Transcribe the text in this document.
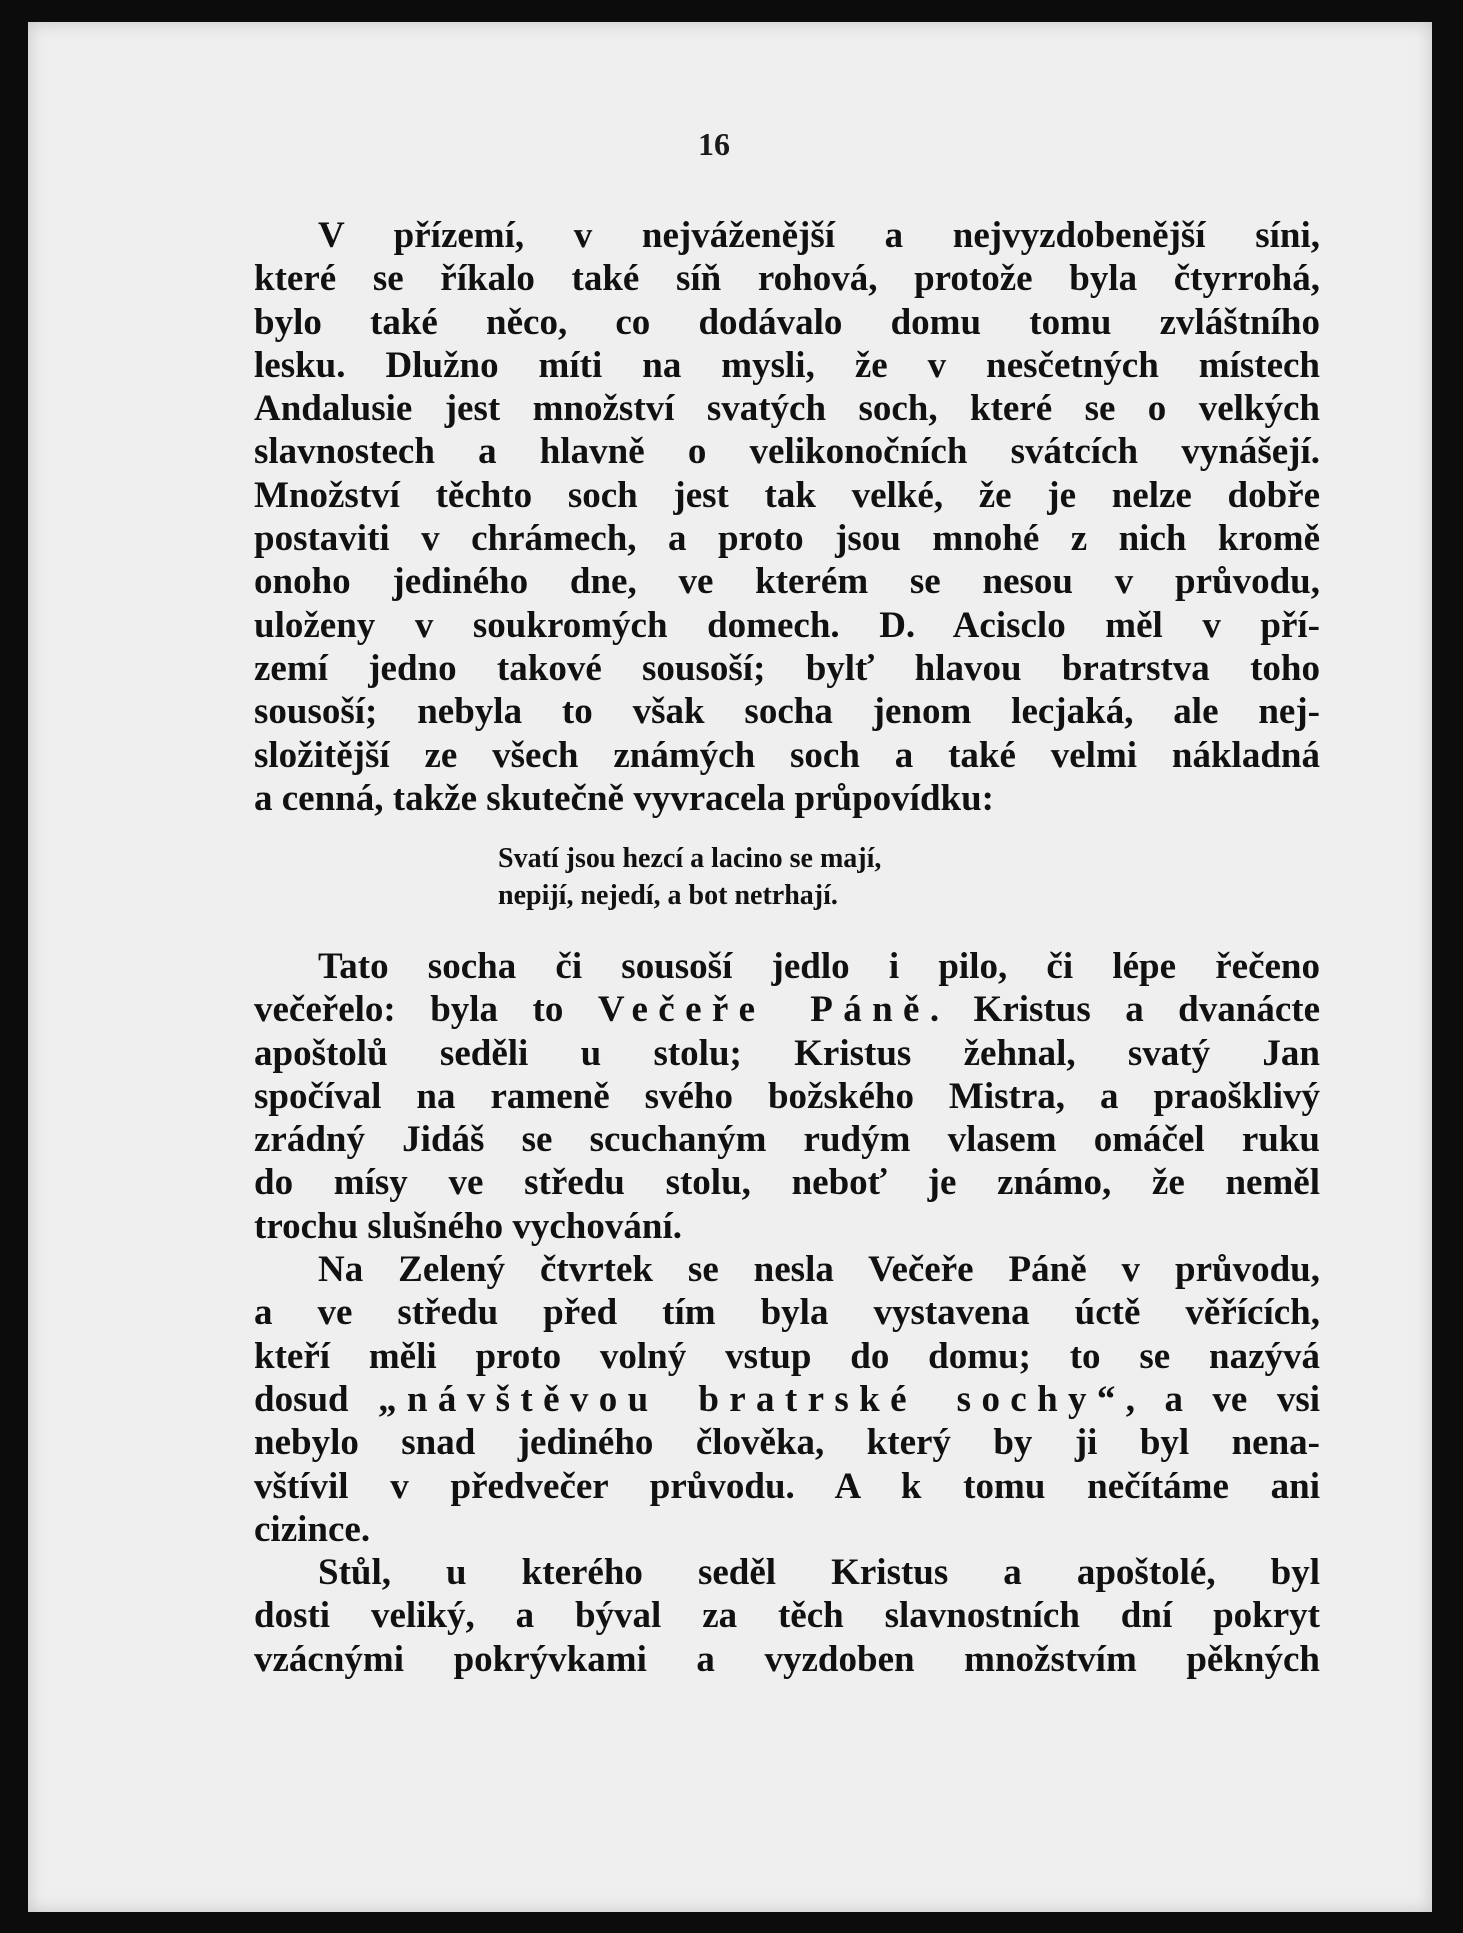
16
V přízemí, v nejváženější a nejvyzdobenější síni,
které se říkalo také síň rohová, protože byla čtyrrohá,
bylo také něco, co dodávalo domu tomu zvláštního
lesku. Dlužno míti na mysli, že v nesčetných místech
Andalusie jest množství svatých soch, které se o velkých
slavnostech a hlavně o velikonočních svátcích vynášejí.
Množství těchto soch jest tak velké, že je nelze dobře
postaviti v chrámech, a proto jsou mnohé z nich kromě
onoho jediného dne, ve kterém se nesou v průvodu,
uloženy v soukromých domech. D. Acisclo měl v pří-
zemí jedno takové sousoší; bylť hlavou bratrstva toho
sousoší; nebyla to však socha jenom lecjaká, ale nej-
složitější ze všech známých soch a také velmi nákladná
a cenná, takže skutečně vyvracela průpovídku:
Svatí jsou hezcí a lacino se mají,
nepijí, nejedí, a bot netrhají.
Tato socha či sousoší jedlo i pilo, či lépe řečeno
večeřelo: byla to Večeře Páně. Kristus a dvanácte
apoštolů seděli u stolu; Kristus žehnal, svatý Jan
spočíval na rameně svého božského Mistra, a praošklivý
zrádný Jidáš se scuchaným rudým vlasem omáčel ruku
do mísy ve středu stolu, neboť je známo, že neměl
trochu slušného vychování.
Na Zelený čtvrtek se nesla Večeře Páně v průvodu,
a ve středu před tím byla vystavena úctě věřících,
kteří měli proto volný vstup do domu; to se nazývá
dosud „návštěvou bratrské sochy“, a ve vsi
nebylo snad jediného člověka, který by ji byl nena-
vštívil v předvečer průvodu. A k tomu nečítáme ani
cizince.
Stůl, u kterého seděl Kristus a apoštolé, byl
dosti veliký, a býval za těch slavnostních dní pokryt
vzácnými pokrývkami a vyzdoben množstvím pěkných
